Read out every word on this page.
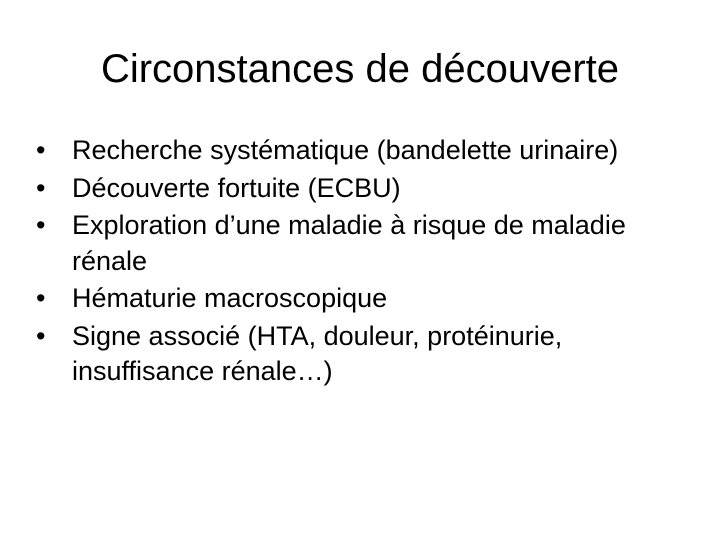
Circonstances de découverte
• Recherche systématique (bandelette urinaire)
• Découverte fortuite (ECBU)
• Exploration d’une maladie à risque de maladie rénale
• Hématurie macroscopique
• Signe associé (HTA, douleur, protéinurie, insuffisance rénale…)
